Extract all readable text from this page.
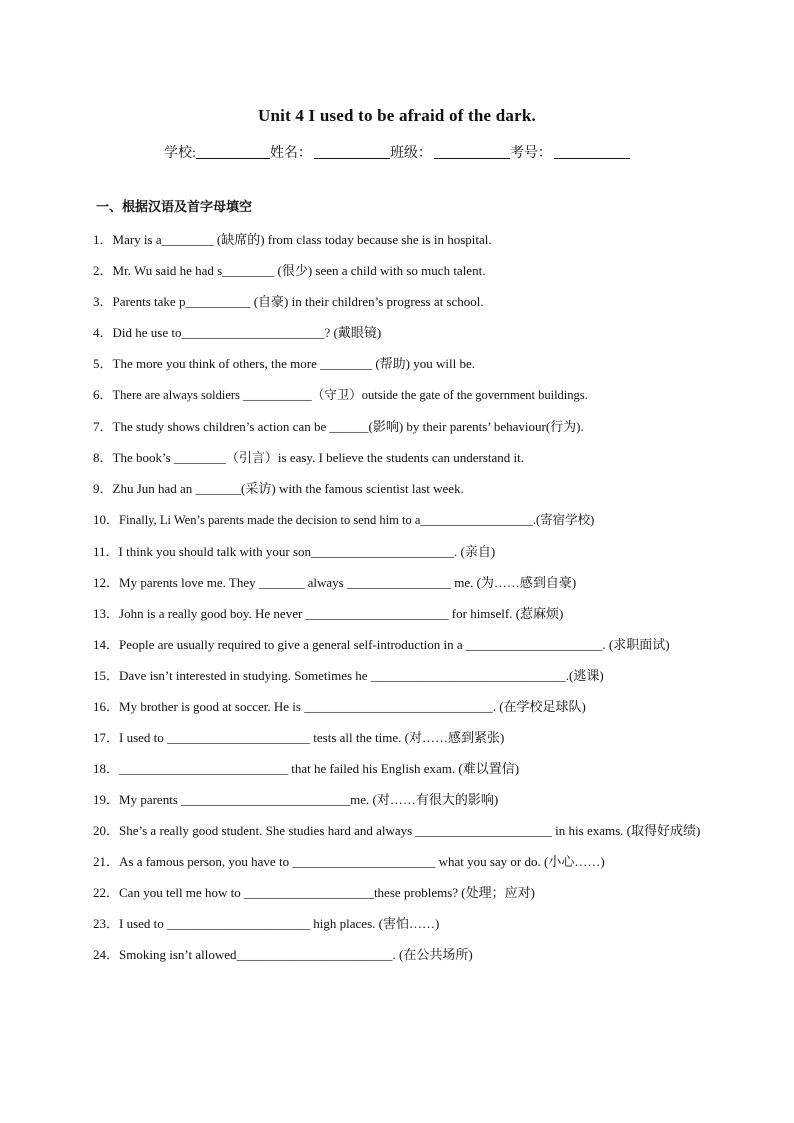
Unit 4 I used to be afraid of the dark.
学校:	姓名：	班级：	考号：
一、根据汉语及首字母填空
1．Mary is a________ (缺席的) from class today because she is in hospital.
2．Mr. Wu said he had s________ (很少) seen a child with so much talent.
3．Parents take p__________ (自豪) in their children’s progress at school.
4．Did he use to______________________? (戴眼镜)
5．The more you think of others, the more ________ (帮助) you will be.
6．There are always soldiers ___________（守卫）outside the gate of the government buildings.
7．The study shows children’s action can be ______(影响) by their parents’ behaviour(行为).
8．The book’s ________（引言）is easy. I believe the students can understand it.
9．Zhu Jun had an _______(采访) with the famous scientist last week.
10．Finally, Li Wen’s parents made the decision to send him to a__________________.(寄宿学校)
11．I think you should talk with your son______________________. (亲自)
12．My parents love me. They _______ always ________________ me. (为……感到自豪)
13．John is a really good boy. He never ______________________ for himself. (惹麻烦)
14．People are usually required to give a general self-introduction in a _____________________. (求职面试)
15．Dave isn’t interested in studying. Sometimes he ______________________________.(逃课)
16．My brother is good at soccer. He is _____________________________. (在学校足球队)
17．I used to ______________________ tests all the time. (对……感到紧张)
18．__________________________ that he failed his English exam. (难以置信)
19．My parents __________________________me. (对……有很大的影响)
20．She’s a really good student. She studies hard and always _____________________ in his exams. (取得好成绩)
21．As a famous person, you have to ______________________ what you say or do. (小心……)
22．Can you tell me how to ____________________these problems? (处理；应对)
23．I used to ______________________ high places. (害怕……)
24．Smoking isn’t allowed________________________. (在公共场所)
